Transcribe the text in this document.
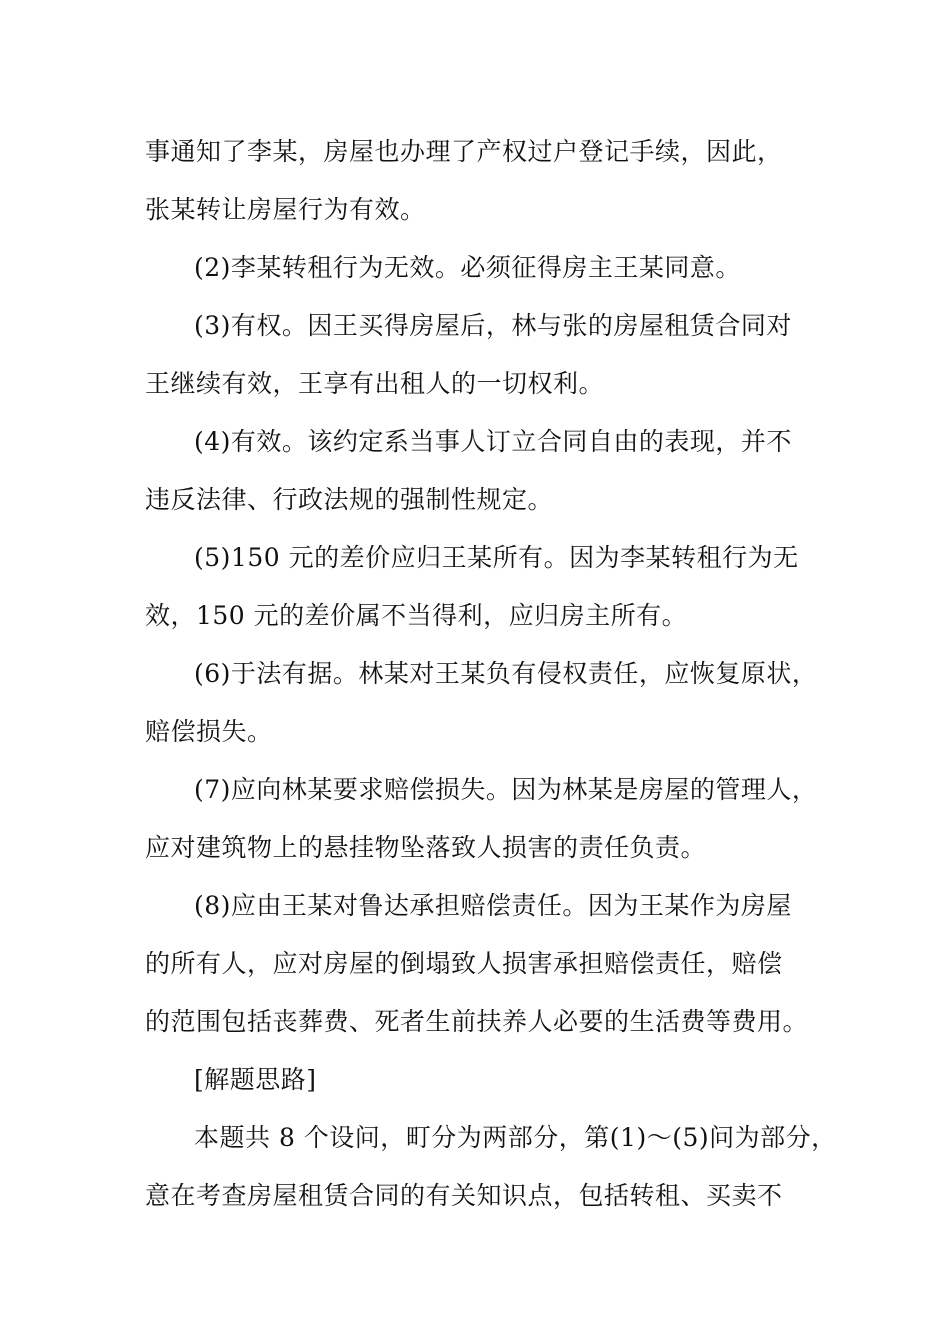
事通知了李某，房屋也办理了产权过户登记手续，因此，
张某转让房屋行为有效。
(2)李某转租行为无效。必须征得房主王某同意。
(3)有权。因王买得房屋后，林与张的房屋租赁合同对
王继续有效，王享有出租人的一切权利。
(4)有效。该约定系当事人订立合同自由的表现，并不
违反法律、行政法规的强制性规定。
(5)150 元的差价应归王某所有。因为李某转租行为无
效，150 元的差价属不当得利，应归房主所有。
(6)于法有据。林某对王某负有侵权责任，应恢复原状，
赔偿损失。
(7)应向林某要求赔偿损失。因为林某是房屋的管理人，
应对建筑物上的悬挂物坠落致人损害的责任负责。
(8)应由王某对鲁达承担赔偿责任。因为王某作为房屋
的所有人，应对房屋的倒塌致人损害承担赔偿责任，赔偿
的范围包括丧葬费、死者生前扶养人必要的生活费等费用。
[解题思路]
本题共 8 个设问，町分为两部分，第(1)～(5)问为部分，
意在考查房屋租赁合同的有关知识点，包括转租、买卖不
